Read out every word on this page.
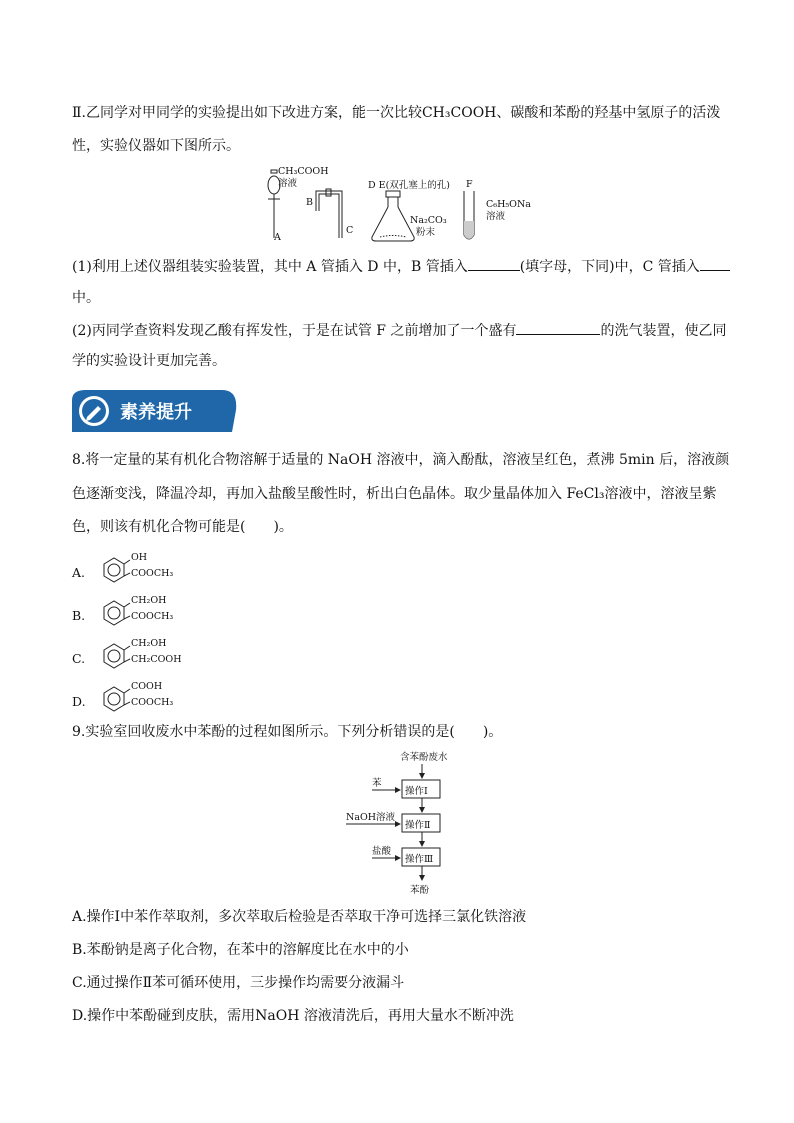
Ⅱ.乙同学对甲同学的实验提出如下改进方案，能一次比较CH₃COOH、碳酸和苯酚的羟基中氢原子的活泼
性，实验仪器如下图所示。
CH₃COOH
溶液
A
B
C
D E(双孔塞上的孔)
Na₂CO₃
粉末
F
C₆H₅ONa
溶液
(1)利用上述仪器组装实验装置，其中 A 管插入 D 中，B 管插入	(填字母，下同)中，C 管插入
中。
(2)丙同学查资料发现乙酸有挥发性，于是在试管 F 之前增加了一个盛有	的洗气装置，使乙同
学的实验设计更加完善。
素养提升
8.将一定量的某有机化合物溶解于适量的 NaOH 溶液中，滴入酚酞，溶液呈红色，煮沸 5min 后，溶液颜
色逐渐变浅，降温冷却，再加入盐酸呈酸性时，析出白色晶体。取少量晶体加入 FeCl₃溶液中，溶液呈紫
色，则该有机化合物可能是(　　)。
A.
OH
COOCH₃
B.
CH₂OH
COOCH₃
C.
CH₂OH
CH₂COOH
D.
COOH
COOCH₃
9.实验室回收废水中苯酚的过程如图所示。下列分析错误的是(　　)。
含苯酚废水
苯
操作Ⅰ
NaOH溶液
操作Ⅱ
盐酸
操作Ⅲ
苯酚
A.操作Ⅰ中苯作萃取剂，多次萃取后检验是否萃取干净可选择三氯化铁溶液
B.苯酚钠是离子化合物，在苯中的溶解度比在水中的小
C.通过操作Ⅱ苯可循环使用，三步操作均需要分液漏斗
D.操作中苯酚碰到皮肤，需用NaOH 溶液清洗后，再用大量水不断冲洗
